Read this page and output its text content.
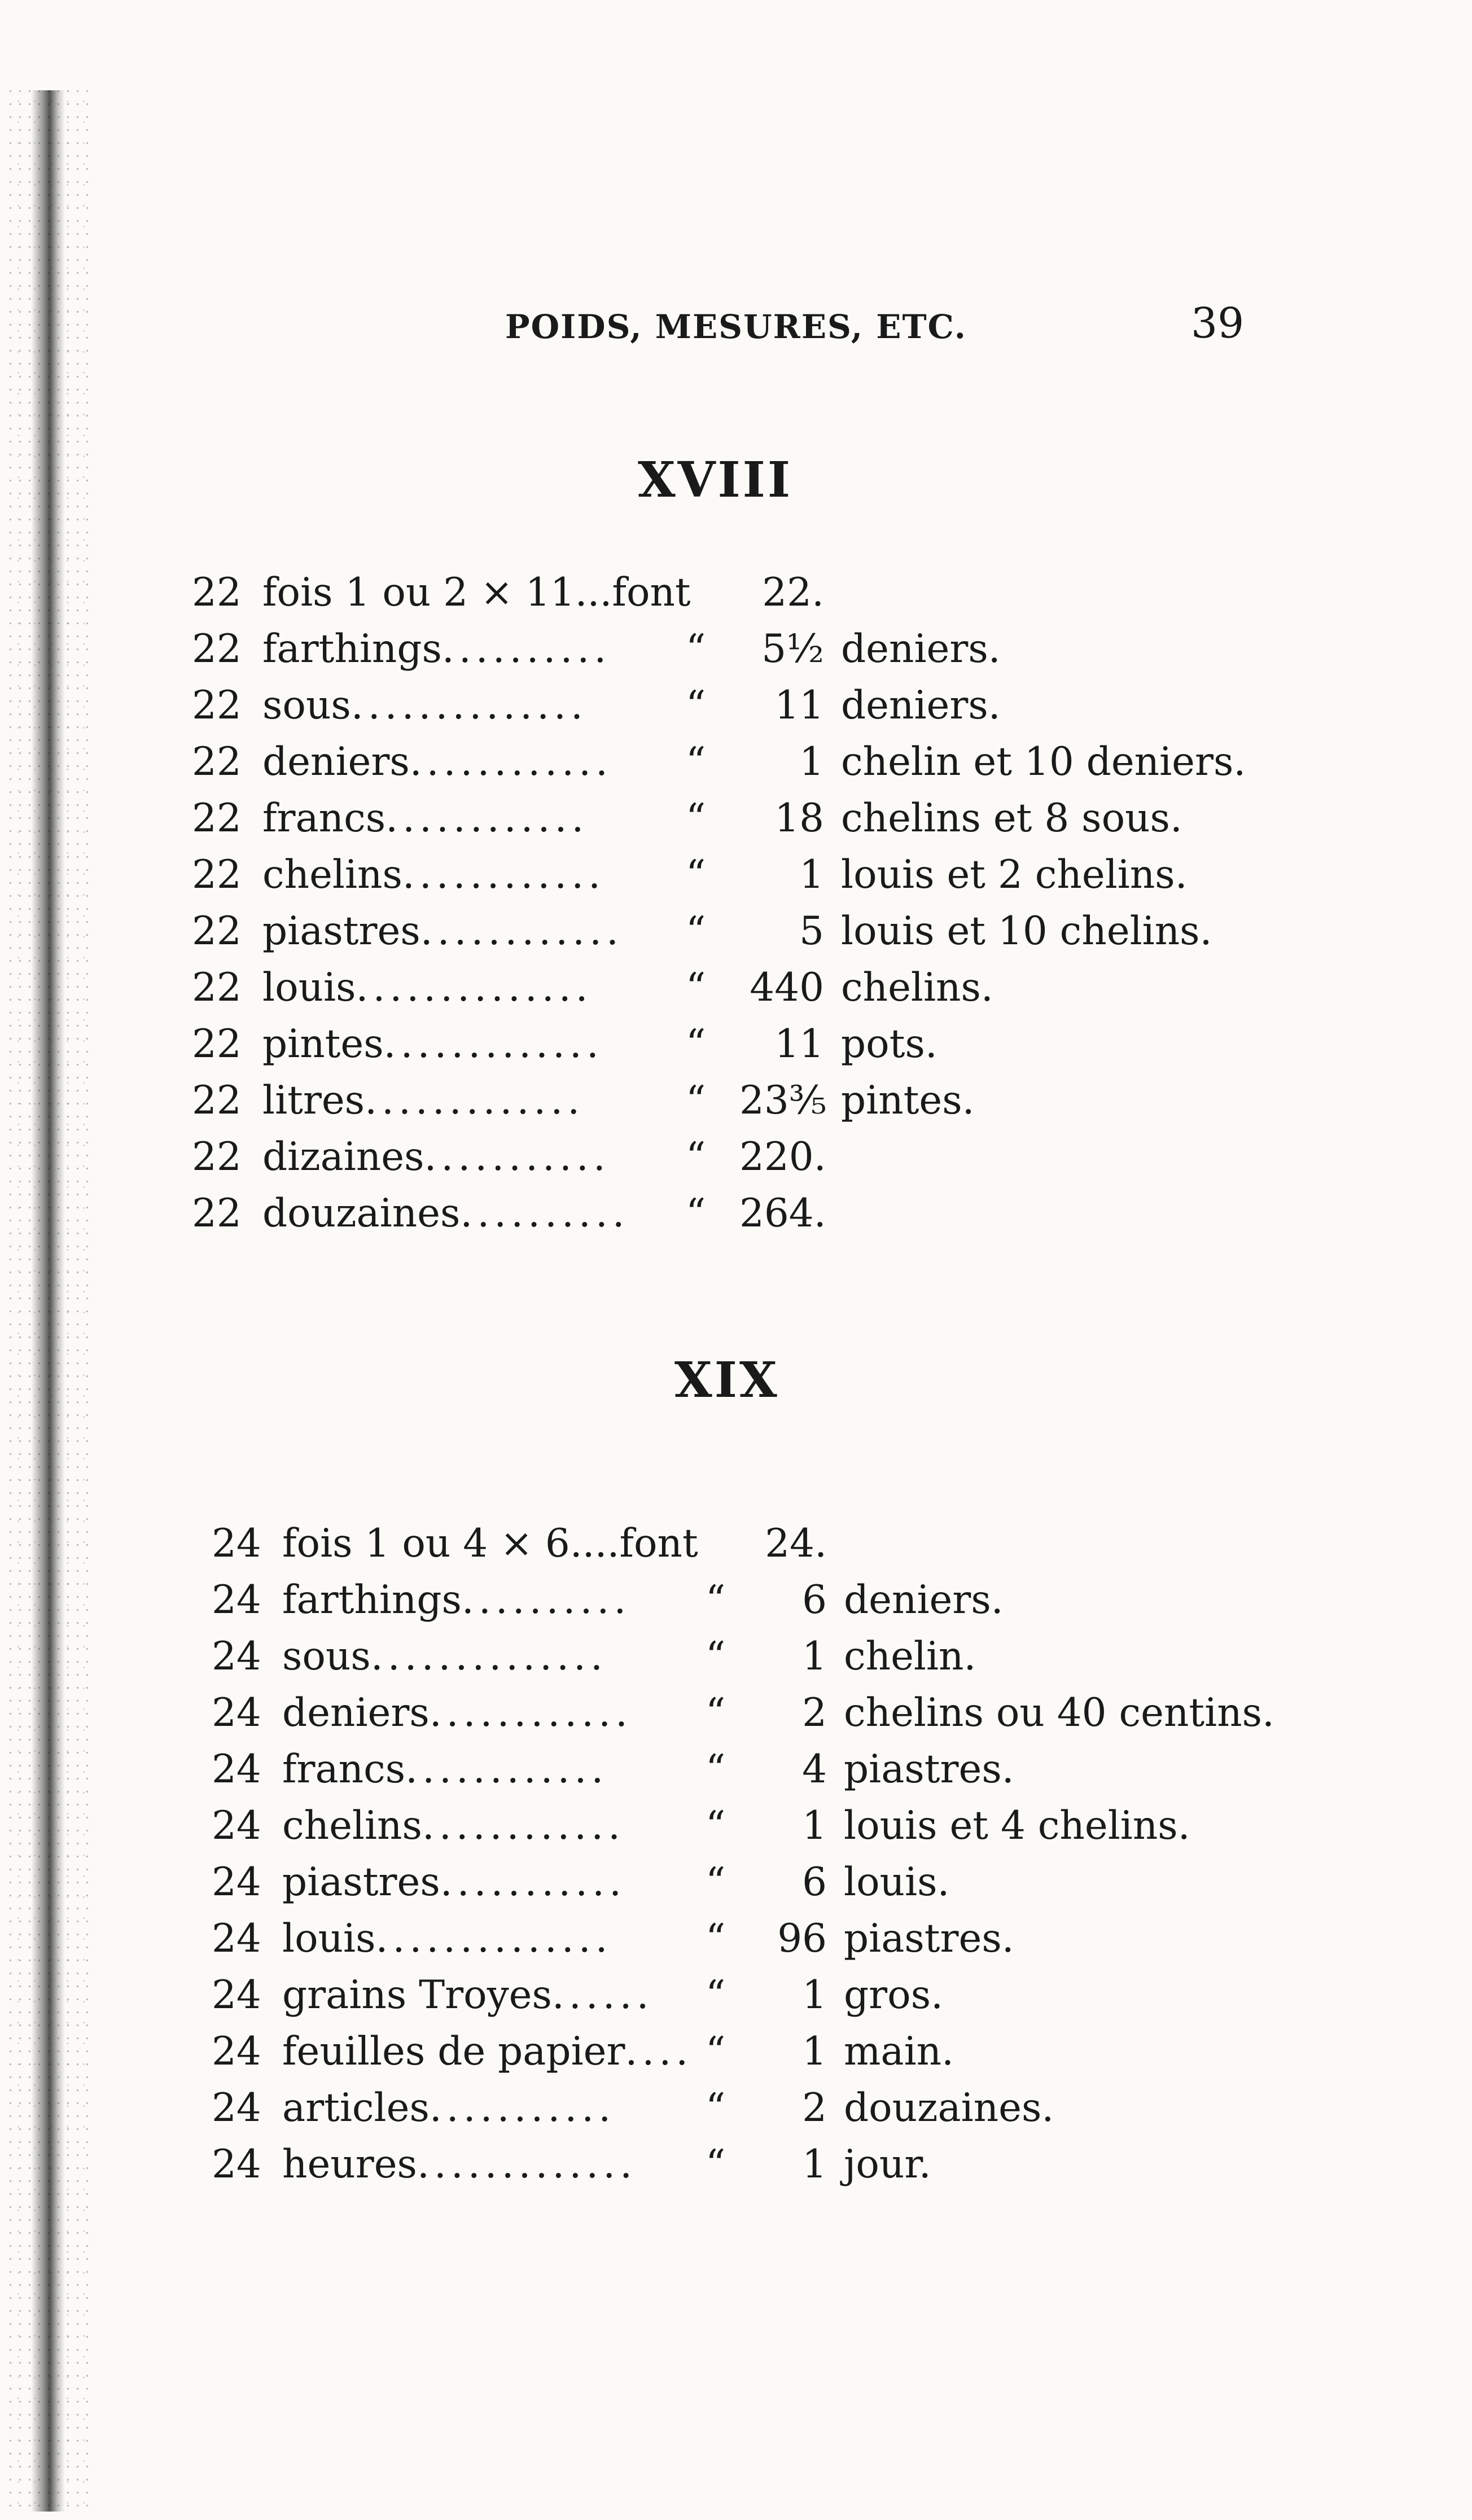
POIDS, MESURES, ETC.	39
XVIII
22 fois 1 ou 2 × 11...font	22.
22 farthings.......... “	5½ deniers.
22 sous..............	“	11 deniers.
22 deniers............ “	1 chelin et 10 deniers.
22 francs............	“	18 chelins et 8 sous.
22 chelins............ “	1 louis et 2 chelins.
22 piastres............ “	5 louis et 10 chelins.
22 louis.............. “ 440 chelins.
22 pintes............. “	11 pots.
22 litres.............	“ 23⅗ pintes.
22 dizaines........... “ 220.
22 douzaines.......... “ 264.
XIX
24 fois 1 ou 4 × 6....font	24.
24 farthings.......... “	6 deniers.
24 sous..............	“	1 chelin.
24 deniers............ “	2 chelins ou 40 centins.
24 francs............	“	4 piastres.
24 chelins............ “	1 louis et 4 chelins.
24 piastres........... “	6 louis.
24 louis.............. “	96 piastres.
24 grains Troyes...... “	1 gros.
24 feuilles de papier.... “	1 main.
24 articles........... “	2 douzaines.
24 heures............. “	1 jour.
